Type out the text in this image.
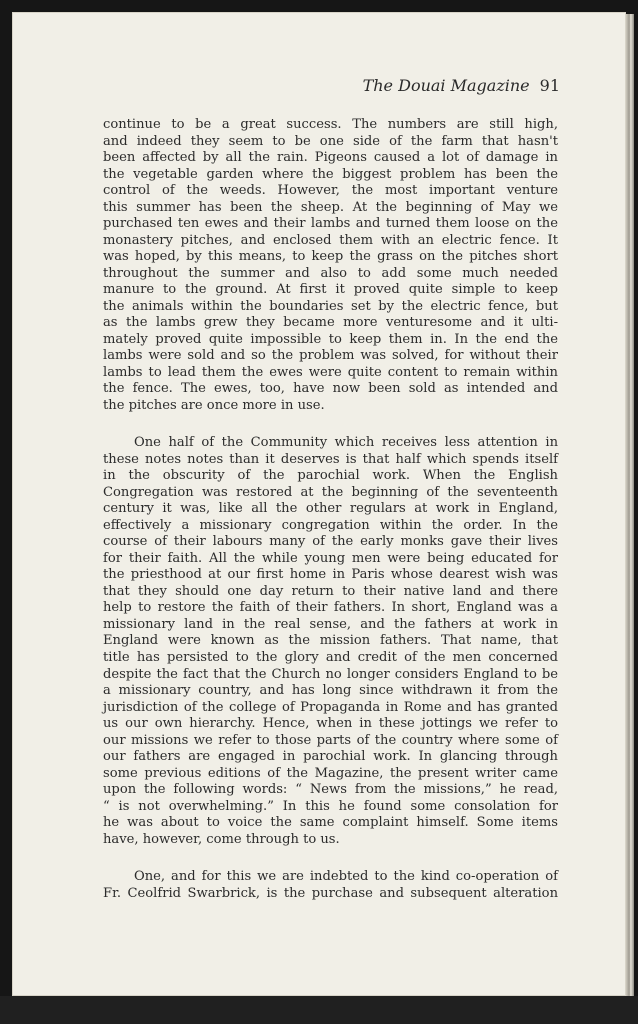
The Douai Magazine 91
continue to be a great success. The numbers are still high,
and indeed they seem to be one side of the farm that hasn't
been affected by all the rain. Pigeons caused a lot of damage in
the vegetable garden where the biggest problem has been the
control of the weeds. However, the most important venture
this summer has been the sheep. At the beginning of May we
purchased ten ewes and their lambs and turned them loose on the
monastery pitches, and enclosed them with an electric fence. It
was hoped, by this means, to keep the grass on the pitches short
throughout the summer and also to add some much needed
manure to the ground. At first it proved quite simple to keep
the animals within the boundaries set by the electric fence, but
as the lambs grew they became more venturesome and it ulti-
mately proved quite impossible to keep them in. In the end the
lambs were sold and so the problem was solved, for without their
lambs to lead them the ewes were quite content to remain within
the fence. The ewes, too, have now been sold as intended and
the pitches are once more in use.
One half of the Community which receives less attention in
these notes notes than it deserves is that half which spends itself
in the obscurity of the parochial work. When the English
Congregation was restored at the beginning of the seventeenth
century it was, like all the other regulars at work in England,
effectively a missionary congregation within the order. In the
course of their labours many of the early monks gave their lives
for their faith. All the while young men were being educated for
the priesthood at our first home in Paris whose dearest wish was
that they should one day return to their native land and there
help to restore the faith of their fathers. In short, England was a
missionary land in the real sense, and the fathers at work in
England were known as the mission fathers. That name, that
title has persisted to the glory and credit of the men concerned
despite the fact that the Church no longer considers England to be
a missionary country, and has long since withdrawn it from the
jurisdiction of the college of Propaganda in Rome and has granted
us our own hierarchy. Hence, when in these jottings we refer to
our missions we refer to those parts of the country where some of
our fathers are engaged in parochial work. In glancing through
some previous editions of the Magazine, the present writer came
upon the following words: “ News from the missions,” he read,
“ is not overwhelming.” In this he found some consolation for
he was about to voice the same complaint himself. Some items
have, however, come through to us.
One, and for this we are indebted to the kind co-operation of
Fr. Ceolfrid Swarbrick, is the purchase and subsequent alteration
